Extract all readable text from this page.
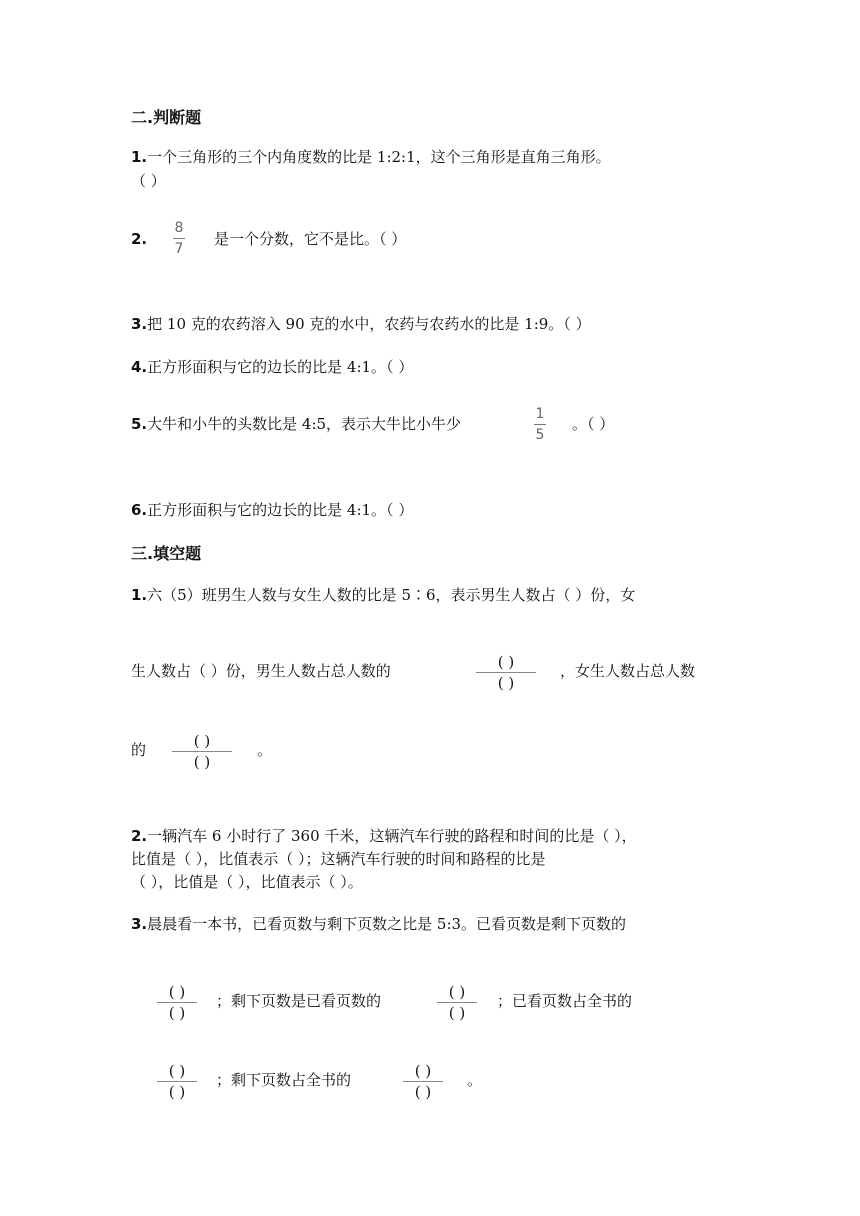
二.判断题
1.一个三角形的三个内角度数的比是 1:2:1，这个三角形是直角三角形。
（ ）
2.
8
7
是一个分数，它不是比。（ ）
3.把 10 克的农药溶入 90 克的水中，农药与农药水的比是 1:9。（ ）
4.正方形面积与它的边长的比是 4:1。（ ）
5.大牛和小牛的头数比是 4:5，表示大牛比小牛少
1
5
。（ ）
6.正方形面积与它的边长的比是 4:1。（ ）
三.填空题
1.六（5）班男生人数与女生人数的比是 5∶6，表示男生人数占（ ）份，女
生人数占（ ）份，男生人数占总人数的	( )
( )
，女生人数占总人数
的	( )
( )
。
2.一辆汽车 6 小时行了 360 千米，这辆汽车行驶的路程和时间的比是（ ），
比值是（ ），比值表示（ ）；这辆汽车行驶的时间和路程的比是
（ ），比值是（ ），比值表示（ ）。
3.晨晨看一本书，已看页数与剩下页数之比是 5:3。已看页数是剩下页数的
( )
( )
；剩下页数是已看页数的	( )
( )
；已看页数占全书的
( )
( )
；剩下页数占全书的	( )
( )
。
